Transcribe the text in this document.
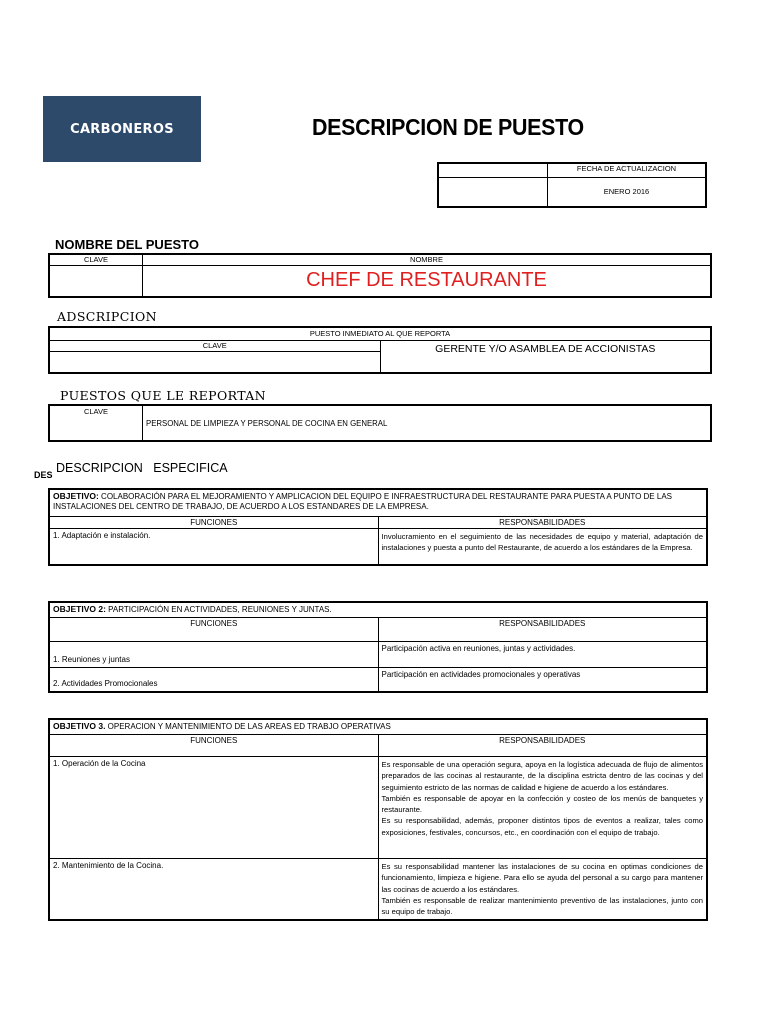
CARBONEROS	DESCRIPCION DE PUESTO
	FECHA DE ACTUALIZACION
	ENERO 2016
NOMBRE DEL PUESTO
CLAVE	NOMBRE
	CHEF DE RESTAURANTE
ADSCRIPCION
PUESTO INMEDIATO AL QUE REPORTA
CLAVE	GERENTE Y/O ASAMBLEA DE ACCIONISTAS

PUESTOS QUE LE REPORTAN
CLAVE	PERSONAL DE LIMPIEZA Y PERSONAL DE COCINA EN GENERAL
DES DESCRIPCION   ESPECIFICA
OBJETIVO: COLABORACIÓN PARA EL MEJORAMIENTO Y AMPLICACION DEL EQUIPO E INFRAESTRUCTURA DEL RESTAURANTE PARA PUESTA A PUNTO DE LAS INSTALACIONES DEL CENTRO DE TRABAJO, DE ACUERDO A LOS ESTANDARES DE LA EMPRESA.	
FUNCIONES	RESPONSABILIDADES
1. Adaptación e instalación.	Involucramiento en el seguimiento de las necesidades de equipo y material, adaptación de instalaciones y puesta a punto del Restaurante, de acuerdo a los estándares de la Empresa.
OBJETIVO 2: PARTICIPACIÓN EN ACTIVIDADES, REUNIONES Y JUNTAS.	
FUNCIONES	RESPONSABILIDADES
1. Reuniones y juntas	Participación activa en reuniones, juntas y actividades.
2. Actividades Promocionales	Participación en actividades promocionales y operativas
OBJETIVO 3. OPERACION Y MANTENIMIENTO DE LAS AREAS ED TRABJO OPERATIVAS	
FUNCIONES	RESPONSABILIDADES
1. Operación de la Cocina	Es responsable de una operación segura, apoya en la logística adecuada de flujo de alimentos preparados de las cocinas al restaurante, de la disciplina estricta dentro de las cocinas y del seguimiento estricto de las normas de calidad e higiene de acuerdo a los estándares.
También es responsable de apoyar en la confección y costeo de los menús de banquetes y restaurante.
Es su responsabilidad, además, proponer distintos tipos de eventos a realizar, tales como exposiciones, festivales, concursos, etc., en coordinación con el equipo de trabajo.

2. Mantenimiento de la Cocina.	Es su responsabilidad mantener las instalaciones de su cocina en optimas condiciones de funcionamiento, limpieza e higiene. Para ello se ayuda del personal a su cargo para mantener las cocinas de acuerdo a los estándares.
También es responsable de realizar mantenimiento preventivo de las instalaciones, junto con su equipo de trabajo.
